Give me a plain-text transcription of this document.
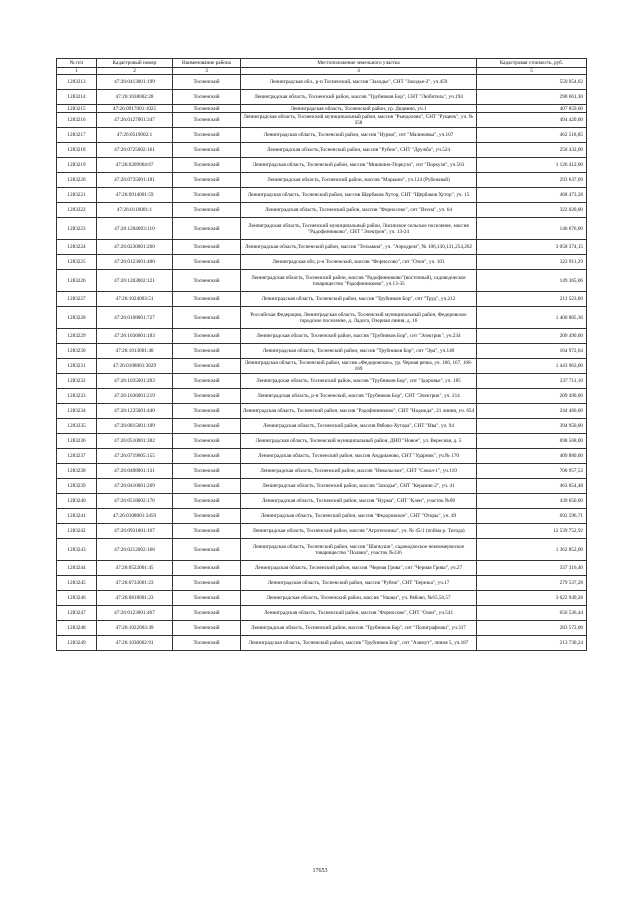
№ п/п	Кадастровый номер	Наименование района	Местоположение земельного участка	Кадастровая стоимость, руб.
1	2	3	4	5
1283213	47:26:0413001:199	Тосненский	Ленинградская обл., р-н Тосненский, массив "Заходье", СНТ "Заходье-2", уч.459	550 054,62
1283214	47:26:1038002:28	Тосненский	Ленинградская область, Тосненский район, массив "Трубников Бор", СНТ "Любитель", уч.194	290 661,30
1283215	47:26:0917001:1025	Тосненский	Ленинградская область, Тосненский район, ур. Дидвино, уч.1	407 859,60
1283216	47:26:0127001:347	Тосненский	Ленинградская область, Тосненский муниципальный район, массив "Рындолово", СНТ "Рущеек", уч. № 358	494 420,00
1283217	47:26:0519002:1	Тосненский	Ленинградская область, Тосненский район, массив "Нурма", снт "Малиновка", уч.107	462 518,85
1283218	47:26:0725002:161	Тосненский	Ленинградская область,Тосненский район, массив "Рубеж", СНТ "Дружба", уч.524	258 432,00
1283219	47:26:0209004:67	Тосненский	Ленинградская область, Тосненский район, массив "Мишкино-Поркузи", снт "Поркузи", уч.563	1 126 412,00
1283220	47:26:0735001:181	Тосненский	Ленинградская область, Тосненский район, массив "Марьино", уч.124 (Рубежный)	293 637,69
1283221	47:26:0914001:59	Тосненский	Ленинградская область, Тосненский район, массив Щербаков Хутор, СНТ "Щербаков Хутор", уч. 15	468 473,28
1283222	47:26:0116001:1	Тосненский	Ленинградская область, Тосненский район, массив "Форносово", снт "Весна", уч. 64	322 020,00
1283223	47:26:1204003:110	Тосненский	Ленинградская область, Тосненский муниципальный район, Лисинское сельское поселение, массив "Радофинниково", СНТ "Электрон", уч. 13-24	146 676,00
1283224	47:26:0230001:260	Тосненский	Ленинградская область,Тосненский район, массив "Тельмана", уч. "Аэродром", № 106,130,131,254,262	3 058 374,15
1283225	47:26:0123001:400	Тосненский	Ленинградская обл, р-н Тосненский, массив "Форносово", снт "Озон", уч. 101	322 911,29
1283226	47:26:1203002:121	Тосненский	Ленинградская область, Тосненский район, массив "Радофинниково"(восточный), садоводческое товарищество "Радофинниково", уч.13-35	149 365,06
1283227	47:26:1024003:51	Тосненский	Ленинградская область, Тосненский район, массив "Трубников Бор", снт "Труд", уч.212	211 523,60
1283228	47:26:0108001:727	Тосненский	Российская Федерация, Ленинградская область, Тосненский муниципальный район, Федоровское городское поселение, д. Ладога, Озерная линия, д. 16	1 400 805,36
1283229	47:26:1036001:183	Тосненский	Ленинградская область, Тосненский район, массив "Трубников Бор", снт "Электрик", уч.234	209 490,00
1283230	47:26:1013001:40	Тосненский	Ленинградская область, Тосненский район, массив "Трубников Бор", снт "Эра", уч.140	164 972,64
1283231	47:26:0108001:3029	Тосненский	Ленинградская область, Тосненский район, массив «Федоровское», ур. Черная речка, уч. 166, 167, 168-169	1 443 963,00
1283232	47:26:1035001:203	Тосненский	Ленинградская область, Тосненский район, массив "Трубников Бор", снт "Здоровье", уч. 185	237 711,10
1283233	47:26:1036001:219	Тосненский	Ленинградская область, р-н Тосненский, массив "Трубников Бор", СНТ "Электрик", уч. 214	209 490,00
1283234	47:26:1225001:440	Тосненский	Ленинградская область, Тосненский район, массив "Радофинниково", СНТ "Надежда", 21 линия, уч. 654	244 460,00
1283235	47:26:0815001:109	Тосненский	Ленинградская область, Тосненский район, массив Рябово-Хутора", СНТ "Ива", уч. 94	394 950,00
1283236	47:26:0510001:382	Тосненский	Ленинградская область, Тосненский муниципальный район, ДНП "Новое", ул. Вересная, д. 5	698 568,00
1283237	47:26:0719005:155	Тосненский	Ленинградская область, Тосненский район, массив Андрианово, СНТ "Ударник", уч.№ 170	409 880,00
1283238	47:26:0408001:131	Тосненский	Ленинградская область, Тосненский район, массив "Никольское", СНТ "Сокол-1", уч.110	700 957,53
1283239	47:26:0410001:269	Тосненский	Ленинградская область, Тосненский район, массив "Заходье", СНТ "Керамик-2", уч. 41	463 054,48
1283240	47:26:0518002:176	Тосненский	Ленинградская область, Тосненский район, массив "Нурма", СНТ "Клен", участок №90	439 650,00
1283241	47:26:0108001:3459	Тосненский	Ленинградская область, Тосненский район, массив "Федоровское", СНТ "Откры", уч. 49	692 596,71
1283242	47:26:0931001:167	Тосненский	Ленинградская область, Тосненский район, массив "Агротехника", уч. № 45/1 (пойма р. Тигода)	12 539 752,92
1283243	47:26:0212002:168	Тосненский	Ленинградская область, Тосненский район, массив "Шапкуши", садоводческое некоммерческое товарищество "Поляна", участок №336	1 362 852,00
1283244	47:26:0522001:45	Тосненский	Ленинградская область, Тосненский район, массив "Черная Грива", снт "Черная Грива", уч.27	337 316,40
1283245	47:26:0733001:23	Тосненский	Ленинградская область, Тосненский район, массив "Рубеж", СНТ "Березка", уч.17	279 537,28
1283246	47:26:0818001:23	Тосненский	Ленинградская область, Тосненский район, массив "Ушаки", уч. Рябово, №65,56,57	3 622 949,28
1283247	47:26:0123001:467	Тосненский	Ленинградская область, Тосненский район, массив "Форносово", СНТ "Озон", уч.541	656 536,44
1283248	47:26:1022003:49	Тосненский	Ленинградская область, Тосненский район, массив "Трубников Бор", снт "Полиграфмаш", уч.317	283 572,00
1283249	47:26:1030002:91	Тосненский	Ленинградская область, Тосненский район, массив "Трубников Бор", снт "Азимут", линия 5, уч.187	213 730,24
17653
